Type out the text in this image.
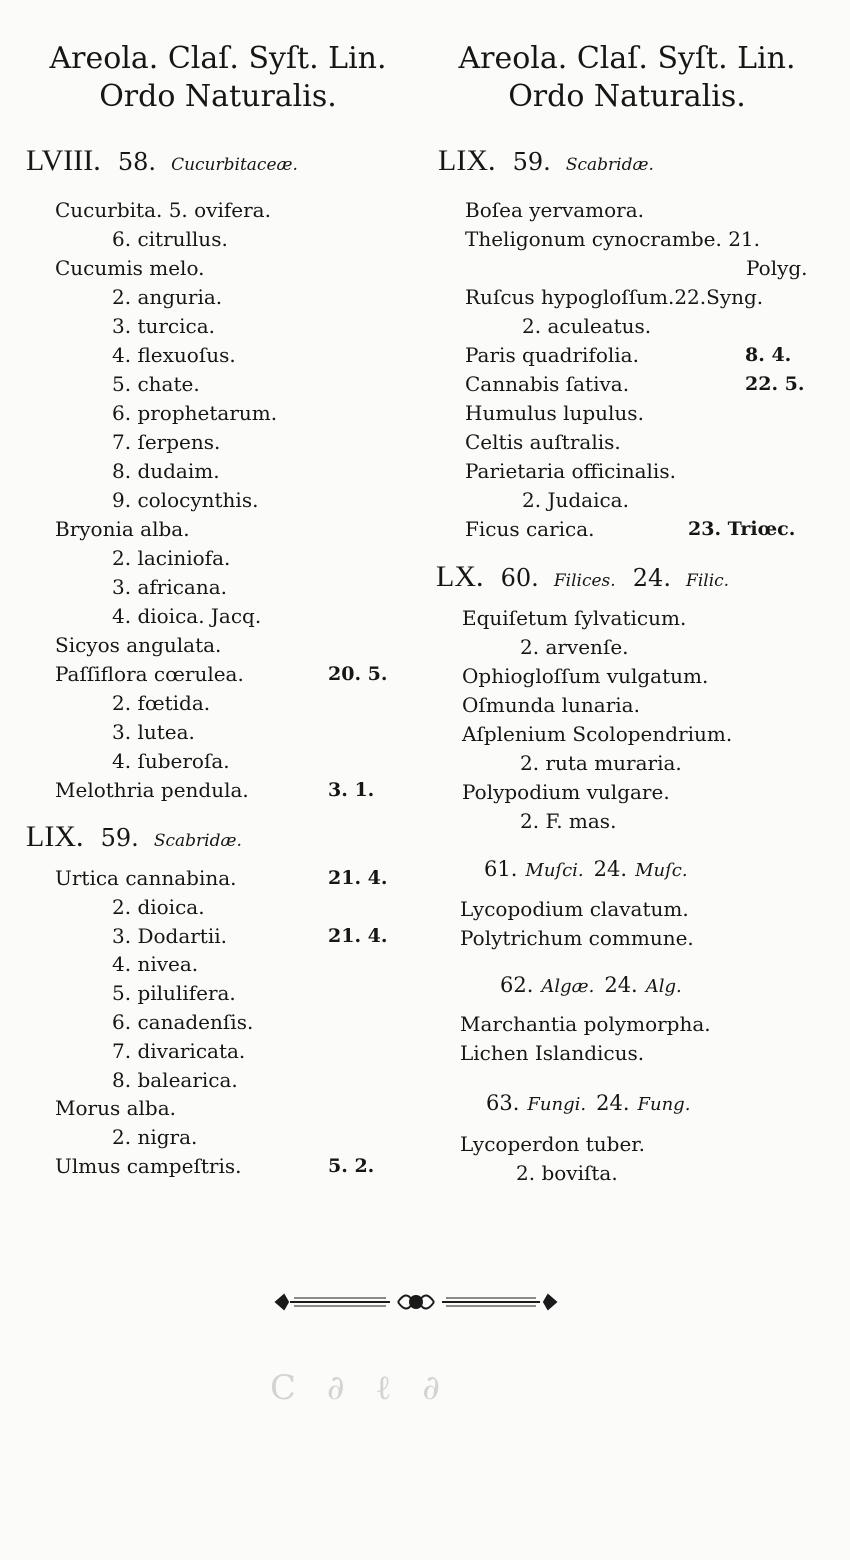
Areola. Claſ. Syſt. Lin.
Ordo Naturalis.
Areola. Claſ. Syſt. Lin.
Ordo Naturalis.
LVIII. 58. Cucurbitaceæ.
Cucurbita. 5. ovifera.
6. citrullus.
Cucumis melo.
2. anguria.
3. turcica.
4. flexuoſus.
5. chate.
6. prophetarum.
7. ſerpens.
8. dudaim.
9. colocynthis.
Bryonia alba.
2. laciniofa.
3. africana.
4. dioica. Jacq.
Sicyos angulata.
Paſſiflora cœrulea.	20. 5.
2. fœtida.
3. lutea.
4. ſuberoſa.
Melothria pendula.	3. 1.
LIX. 59. Scabridæ.
Urtica cannabina.	21. 4.
2. dioica.
3. Dodartii.	21. 4.
4. nivea.
5. pilulifera.
6. canadenſis.
7. divaricata.
8. balearica.
Morus alba.
2. nigra.
Ulmus campeſtris.	5. 2.
LIX. 59. Scabridæ.
Boſea yervamora.
Theligonum cynocrambe. 21.
Polyg.
Ruſcus hypogloſſum.22.Syng.
2. aculeatus.
Paris quadrifolia.	8. 4.
Cannabis ſativa.	22. 5.
Humulus lupulus.
Celtis auſtralis.
Parietaria officinalis.
2. Judaica.
Ficus carica.	23. Triœc.
LX. 60. Filices. 24. Filic.
Equiſetum ſylvaticum.
2. arvenſe.
Ophiogloſſum vulgatum.
Oſmunda lunaria.
Aſplenium Scolopendrium.
2. ruta muraria.
Polypodium vulgare.
2. F. mas.
61. Muſci. 24. Muſc.
Lycopodium clavatum.
Polytrichum commune.
62. Algæ. 24. Alg.
Marchantia polymorpha.
Lichen Islandicus.
63. Fungi. 24. Fung.
Lycoperdon tuber.
2. boviſta.
C ∂ ℓ ∂
